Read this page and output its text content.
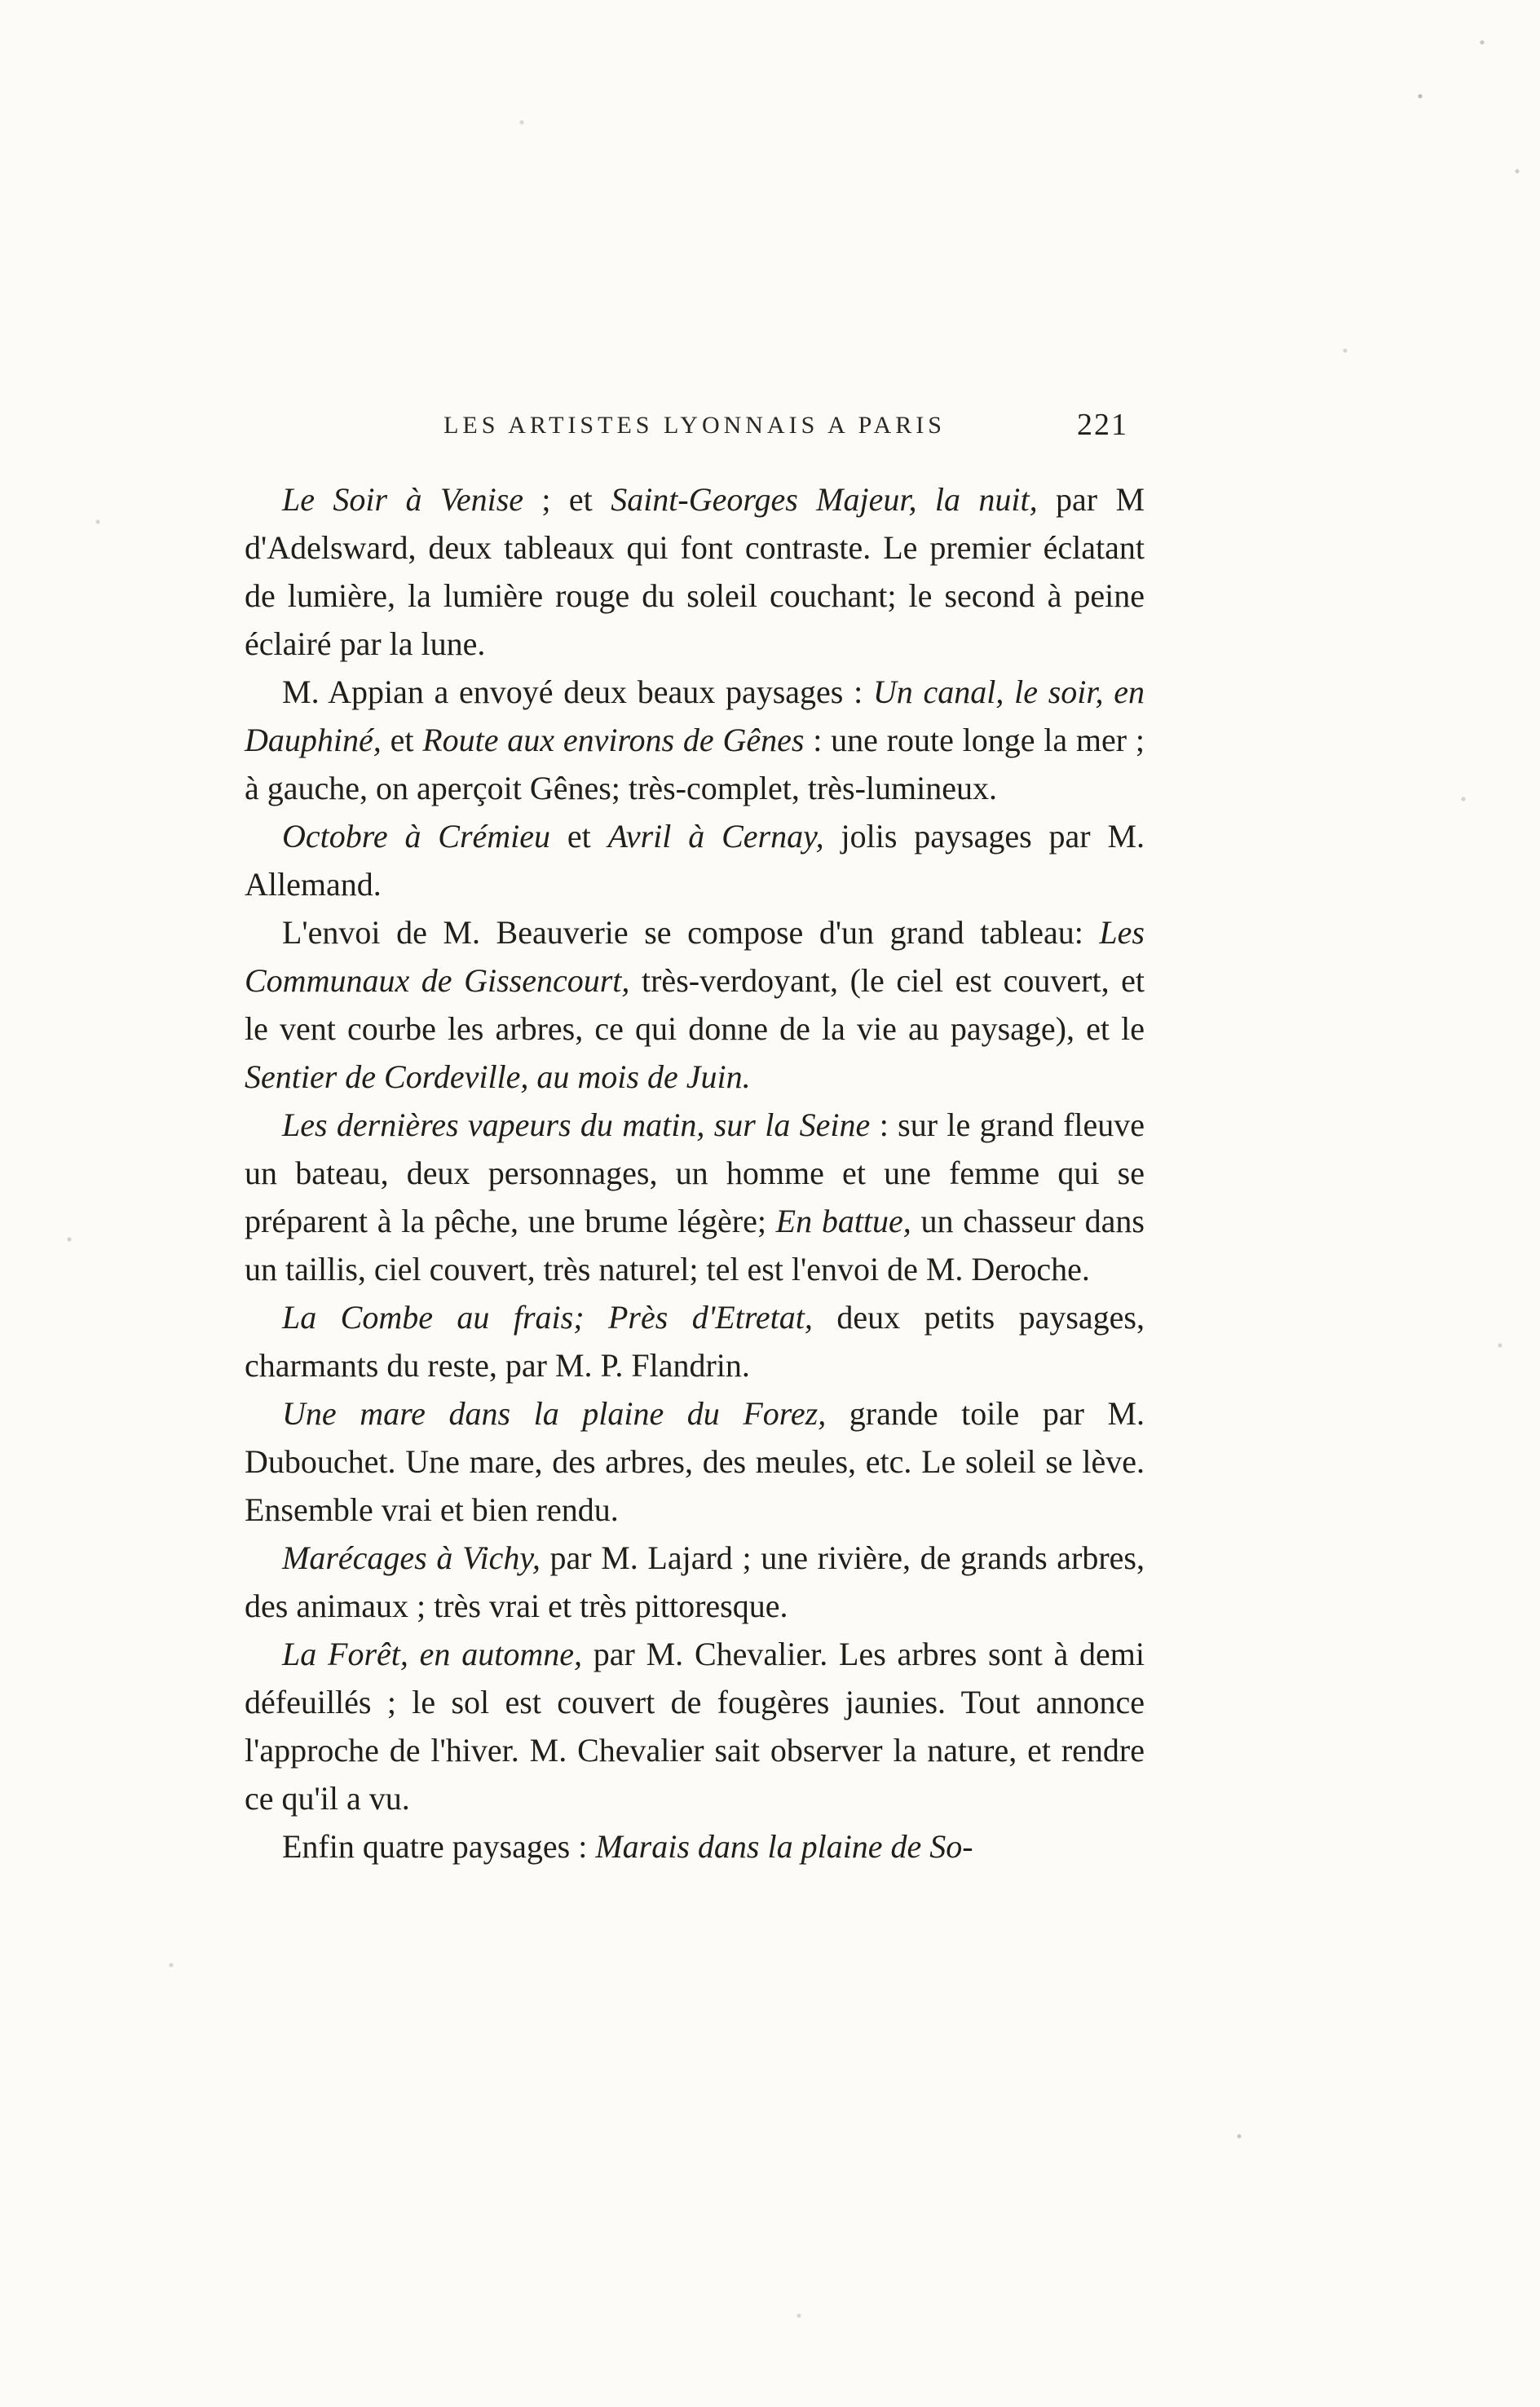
LES ARTISTES LYONNAIS A PARIS	221

Le Soir à Venise ; et Saint-Georges Majeur, la nuit, par M d'Adelsward, deux tableaux qui font contraste. Le premier éclatant de lumière, la lumière rouge du soleil couchant; le second à peine éclairé par la lune.

M. Appian a envoyé deux beaux paysages : Un canal, le soir, en Dauphiné, et Route aux environs de Gênes : une route longe la mer ; à gauche, on aperçoit Gênes; très-complet, très-lumineux.

Octobre à Crémieu et Avril à Cernay, jolis paysages par M. Allemand.

L'envoi de M. Beauverie se compose d'un grand tableau: Les Communaux de Gissencourt, très-verdoyant, (le ciel est couvert, et le vent courbe les arbres, ce qui donne de la vie au paysage), et le Sentier de Cordeville, au mois de Juin.

Les dernières vapeurs du matin, sur la Seine : sur le grand fleuve un bateau, deux personnages, un homme et une femme qui se préparent à la pêche, une brume légère; En battue, un chasseur dans un taillis, ciel couvert, très naturel; tel est l'envoi de M. Deroche.

La Combe au frais; Près d'Etretat, deux petits paysages, charmants du reste, par M. P. Flandrin.

Une mare dans la plaine du Forez, grande toile par M. Dubouchet. Une mare, des arbres, des meules, etc. Le soleil se lève. Ensemble vrai et bien rendu.

Marécages à Vichy, par M. Lajard ; une rivière, de grands arbres, des animaux ; très vrai et très pittoresque.

La Forêt, en automne, par M. Chevalier. Les arbres sont à demi défeuillés ; le sol est couvert de fougères jaunies. Tout annonce l'approche de l'hiver. M. Chevalier sait observer la nature, et rendre ce qu'il a vu.

Enfin quatre paysages : Marais dans la plaine de So-
